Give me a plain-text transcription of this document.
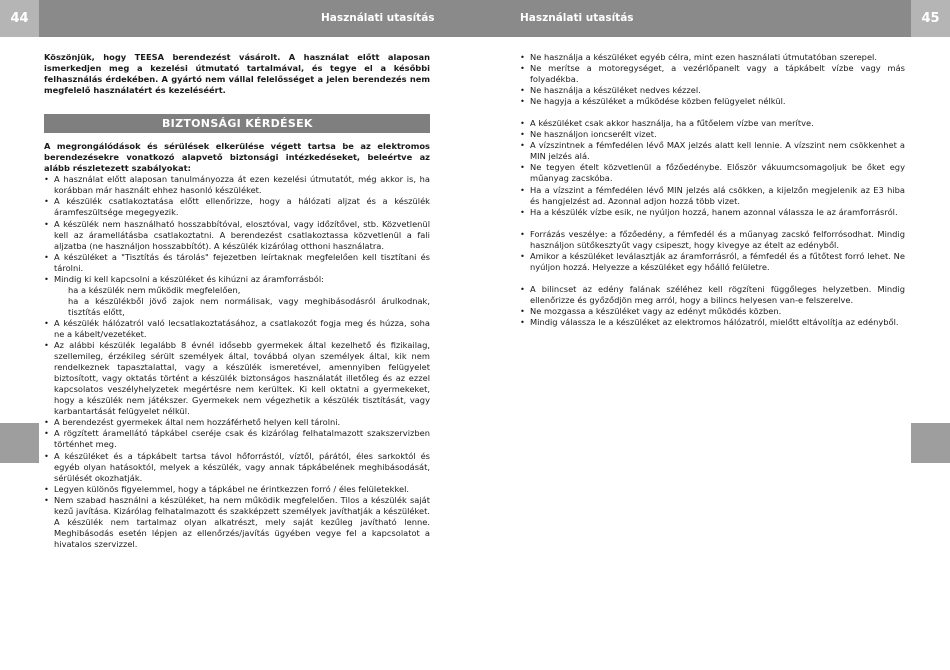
44	45
Használati utasítás	Használati utasítás

Köszönjük, hogy TEESA berendezést vásárolt. A használat előtt alaposan ismerkedjen meg a kezelési útmutató tartalmával, és tegye el a későbbi felhasználás érdekében. A gyártó nem vállal felelősséget a jelen berendezés nem megfelelő használatért és kezeléséért.

BIZTONSÁGI KÉRDÉSEK

A megrongálódások és sérülések elkerülése végett tartsa be az elektromos berendezésekre vonatkozó alapvető biztonsági intézkedéseket, beleértve az alább részletezett szabályokat:

• A használat előtt alaposan tanulmányozza át ezen kezelési útmutatót, még akkor is, ha korábban már használt ehhez hasonló készüléket.
• A készülék csatlakoztatása előtt ellenőrizze, hogy a hálózati aljzat és a készülék áramfeszültsége megegyezik.
• A készülék nem használható hosszabbítóval, elosztóval, vagy időzítővel, stb. Közvetlenül kell az áramellátásba csatlakoztatni. A berendezést csatlakoztassa közvetlenül a fali aljzatba (ne használjon hosszabbítót). A készülék kizárólag otthoni használatra.
• A készüléket a "Tisztítás és tárolás" fejezetben leírtaknak megfelelően kell tisztítani és tárolni.
• Mindig ki kell kapcsolni a készüléket és kihúzni az áramforrásból:
ha a készülék nem működik megfelelően,
ha a készülékből jövő zajok nem normálisak, vagy meghibásodásról árulkodnak, tisztítás előtt,
• A készülék hálózatról való lecsatlakoztatásához, a csatlakozót fogja meg és húzza, soha ne a kábelt/vezetéket.
• Az alábbi készülék legalább 8 évnél idősebb gyermekek által kezelhető és fizikailag, szellemileg, érzékileg sérült személyek által, továbbá olyan személyek által, kik nem rendelkeznek tapasztalattal, vagy a készülék ismeretével, amennyiben felügyelet biztosított, vagy oktatás történt a készülék biztonságos használatát illetőleg és az ezzel kapcsolatos veszélyhelyzetek megértésre nem kerültek. Ki kell oktatni a gyermekeket, hogy a készülék nem játékszer. Gyermekek nem végezhetik a készülék tisztítását, vagy karbantartását felügyelet nélkül.
• A berendezést gyermekek által nem hozzáférhető helyen kell tárolni.
• A rögzített áramellátó tápkábel cseréje csak és kizárólag felhatalmazott szakszervizben történhet meg.
• A készüléket és a tápkábelt tartsa távol hőforrástól, víztől, párától, éles sarkoktól és egyéb olyan hatásoktól, melyek a készülék, vagy annak tápkábelének meghibásodását, sérülését okozhatják.
• Legyen különös figyelemmel, hogy a tápkábel ne érintkezzen forró / éles felületekkel.
• Nem szabad használni a készüléket, ha nem működik megfelelően. Tilos a készülék saját kezű javítása. Kizárólag felhatalmazott és szakképzett személyek javíthatják a készüléket. A készülék nem tartalmaz olyan alkatrészt, mely saját kezűleg javítható lenne. Meghibásodás esetén lépjen az ellenőrzés/javítás ügyében vegye fel a kapcsolatot a hivatalos szervizzel.
• Ne használja a készüléket egyéb célra, mint ezen használati útmutatóban szerepel.
• Ne merítse a motoregységet, a vezérlőpanelt vagy a tápkábelt vízbe vagy más folyadékba.
• Ne használja a készüléket nedves kézzel.
• Ne hagyja a készüléket a működése közben felügyelet nélkül.
• A készüléket csak akkor használja, ha a fűtőelem vízbe van merítve.
• Ne használjon ioncserélt vizet.
• A vízszintnek a fémfedélen lévő MAX jelzés alatt kell lennie. A vízszint nem csökkenhet a MIN jelzés alá.
• Ne tegyen ételt közvetlenül a főzőedénybe. Először vákuumcsomagoljuk be őket egy műanyag zacskóba.
• Ha a vízszint a fémfedélen lévő MIN jelzés alá csökken, a kijelzőn megjelenik az E3 hiba és hangjelzést ad. Azonnal adjon hozzá több vizet.
• Ha a készülék vízbe esik, ne nyúljon hozzá, hanem azonnal válassza le az áramforrásról.
• Forrázás veszélye: a főzőedény, a fémfedél és a műanyag zacskó felforrósodhat. Mindig használjon sütőkesztyűt vagy csipeszt, hogy kivegye az ételt az edényből.
• Amikor a készüléket leválasztják az áramforrásról, a fémfedél és a fűtőtest forró lehet. Ne nyúljon hozzá. Helyezze a készüléket egy hőálló felületre.
• A bilincset az edény falának széléhez kell rögzíteni függőleges helyzetben. Mindig ellenőrizze és győződjön meg arról, hogy a bilincs helyesen van-e felszerelve.
• Ne mozgassa a készüléket vagy az edényt működés közben.
• Mindig válassza le a készüléket az elektromos hálózatról, mielőtt eltávolítja az edényből.
